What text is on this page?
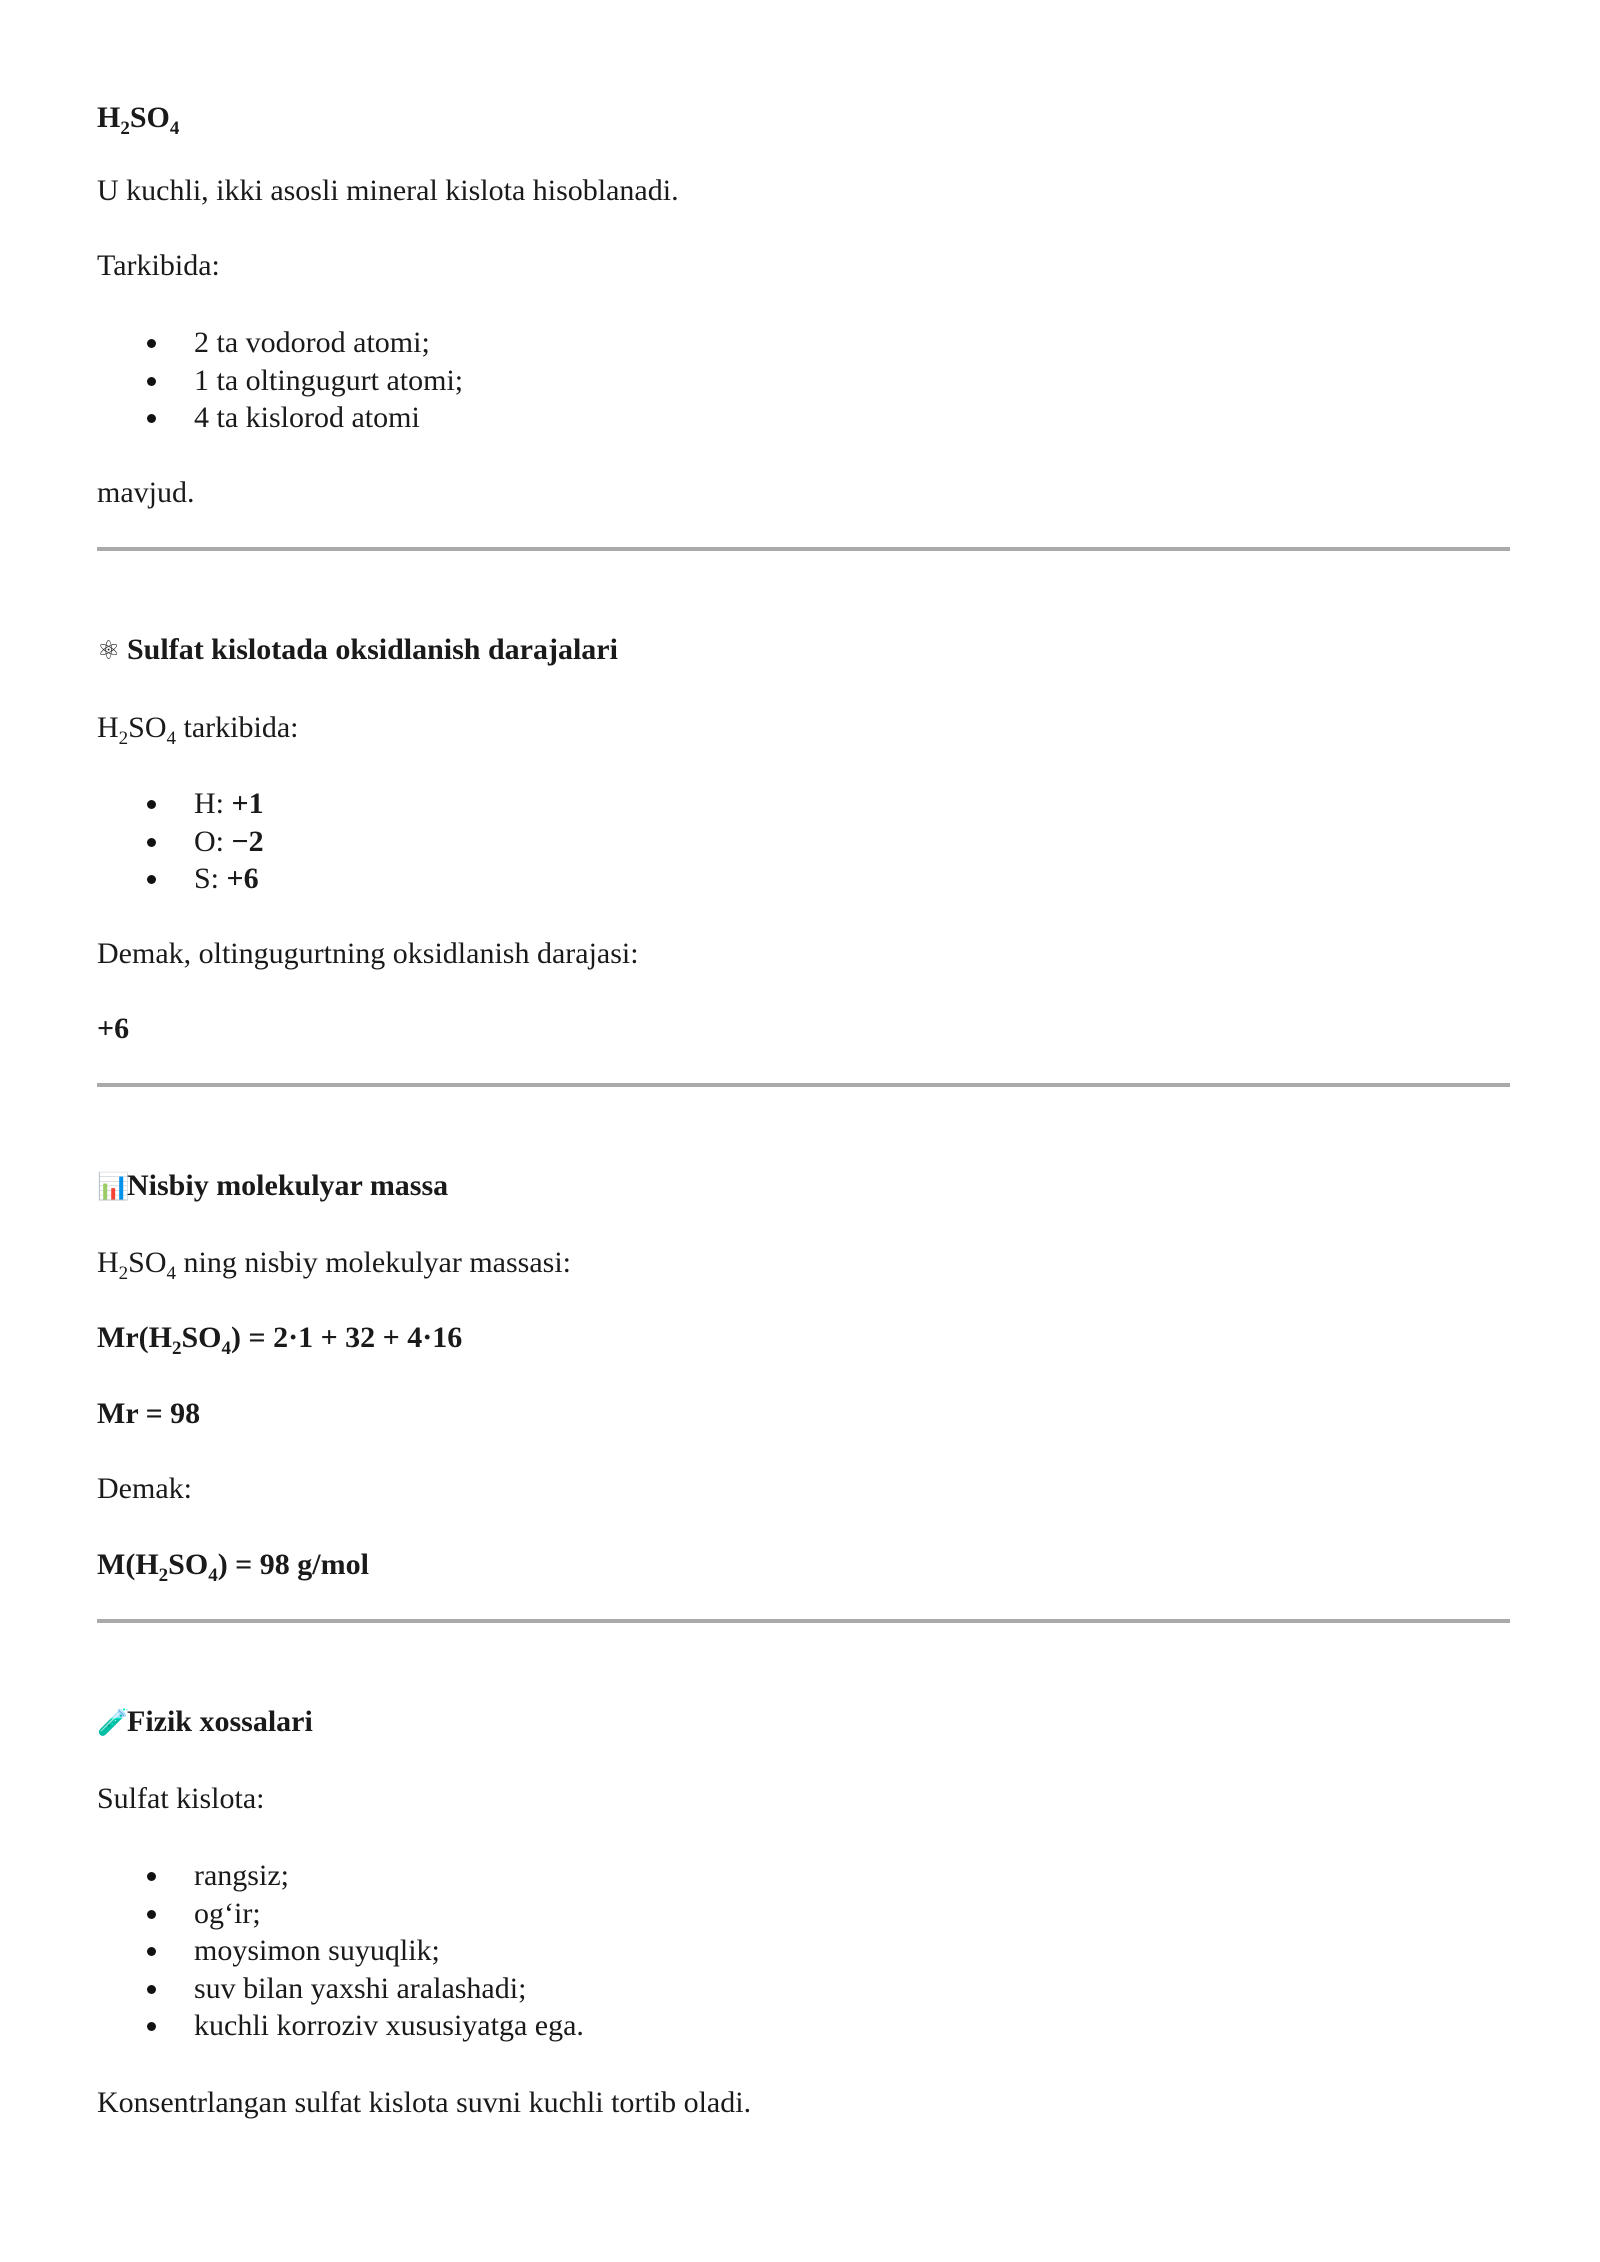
$H_2SO_4$
U kuchli, ikki asosli mineral kislota hisoblanadi.
Tarkibida:
2 ta vodorod atomi;
1 ta oltingugurt atomi;
4 ta kislorod atomi
mavjud.
⚛ Sulfat kislotada oksidlanish darajalari
$H_2SO_4$ tarkibida:
H: +1
O: −2
S: +6
Demak, oltingugurtning oksidlanish darajasi:
+6
📊Nisbiy molekulyar massa
$H_2SO_4$ ning nisbiy molekulyar massasi:
$Mr(H_2SO_4) = 2\cdot 1 + 32 + 4\cdot 16$
Mr = 98
Demak:
$M(H_2SO_4) = 98$ g/mol
🧪Fizik xossalari
Sulfat kislota:
rangsiz;
og‘ir;
moysimon suyuqlik;
suv bilan yaxshi aralashadi;
kuchli korroziv xususiyatga ega.
Konsentrlangan sulfat kislota suvni kuchli tortib oladi.
